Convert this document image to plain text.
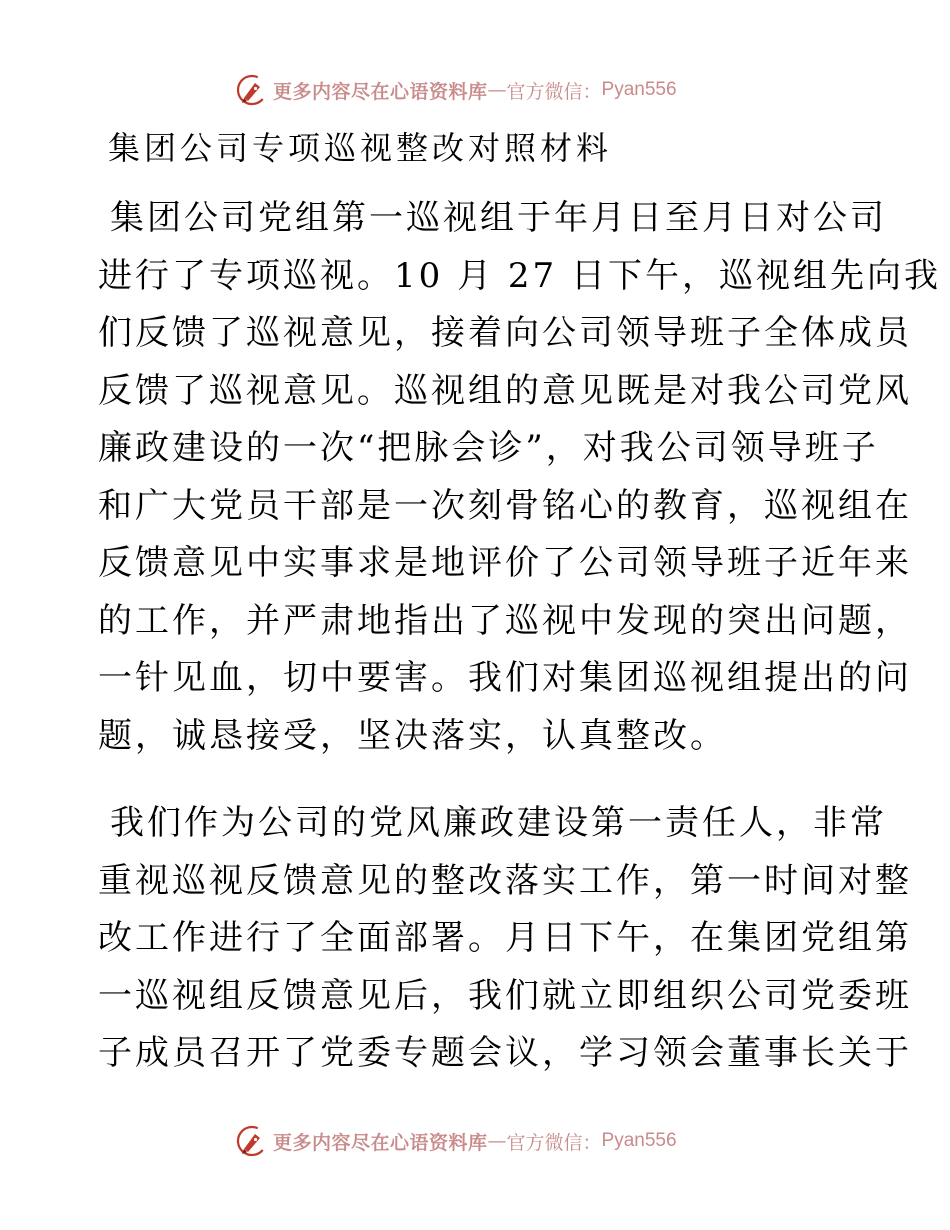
更多内容尽在心语资料库 — 官方微信： Pyan556
集团公司专项巡视整改对照材料

集团公司党组第一巡视组于年月日至月日对公司
进行了专项巡视。10 月 27 日下午，巡视组先向我
们反馈了巡视意见，接着向公司领导班子全体成员
反馈了巡视意见。巡视组的意见既是对我公司党风
廉政建设的一次“把脉会诊”，对我公司领导班子
和广大党员干部是一次刻骨铭心的教育，巡视组在
反馈意见中实事求是地评价了公司领导班子近年来
的工作，并严肃地指出了巡视中发现的突出问题，
一针见血，切中要害。我们对集团巡视组提出的问
题，诚恳接受，坚决落实，认真整改。

我们作为公司的党风廉政建设第一责任人，非常
重视巡视反馈意见的整改落实工作，第一时间对整
改工作进行了全面部署。月日下午，在集团党组第
一巡视组反馈意见后，我们就立即组织公司党委班
子成员召开了党委专题会议，学习领会董事长关于

更多内容尽在心语资料库 — 官方微信： Pyan556
